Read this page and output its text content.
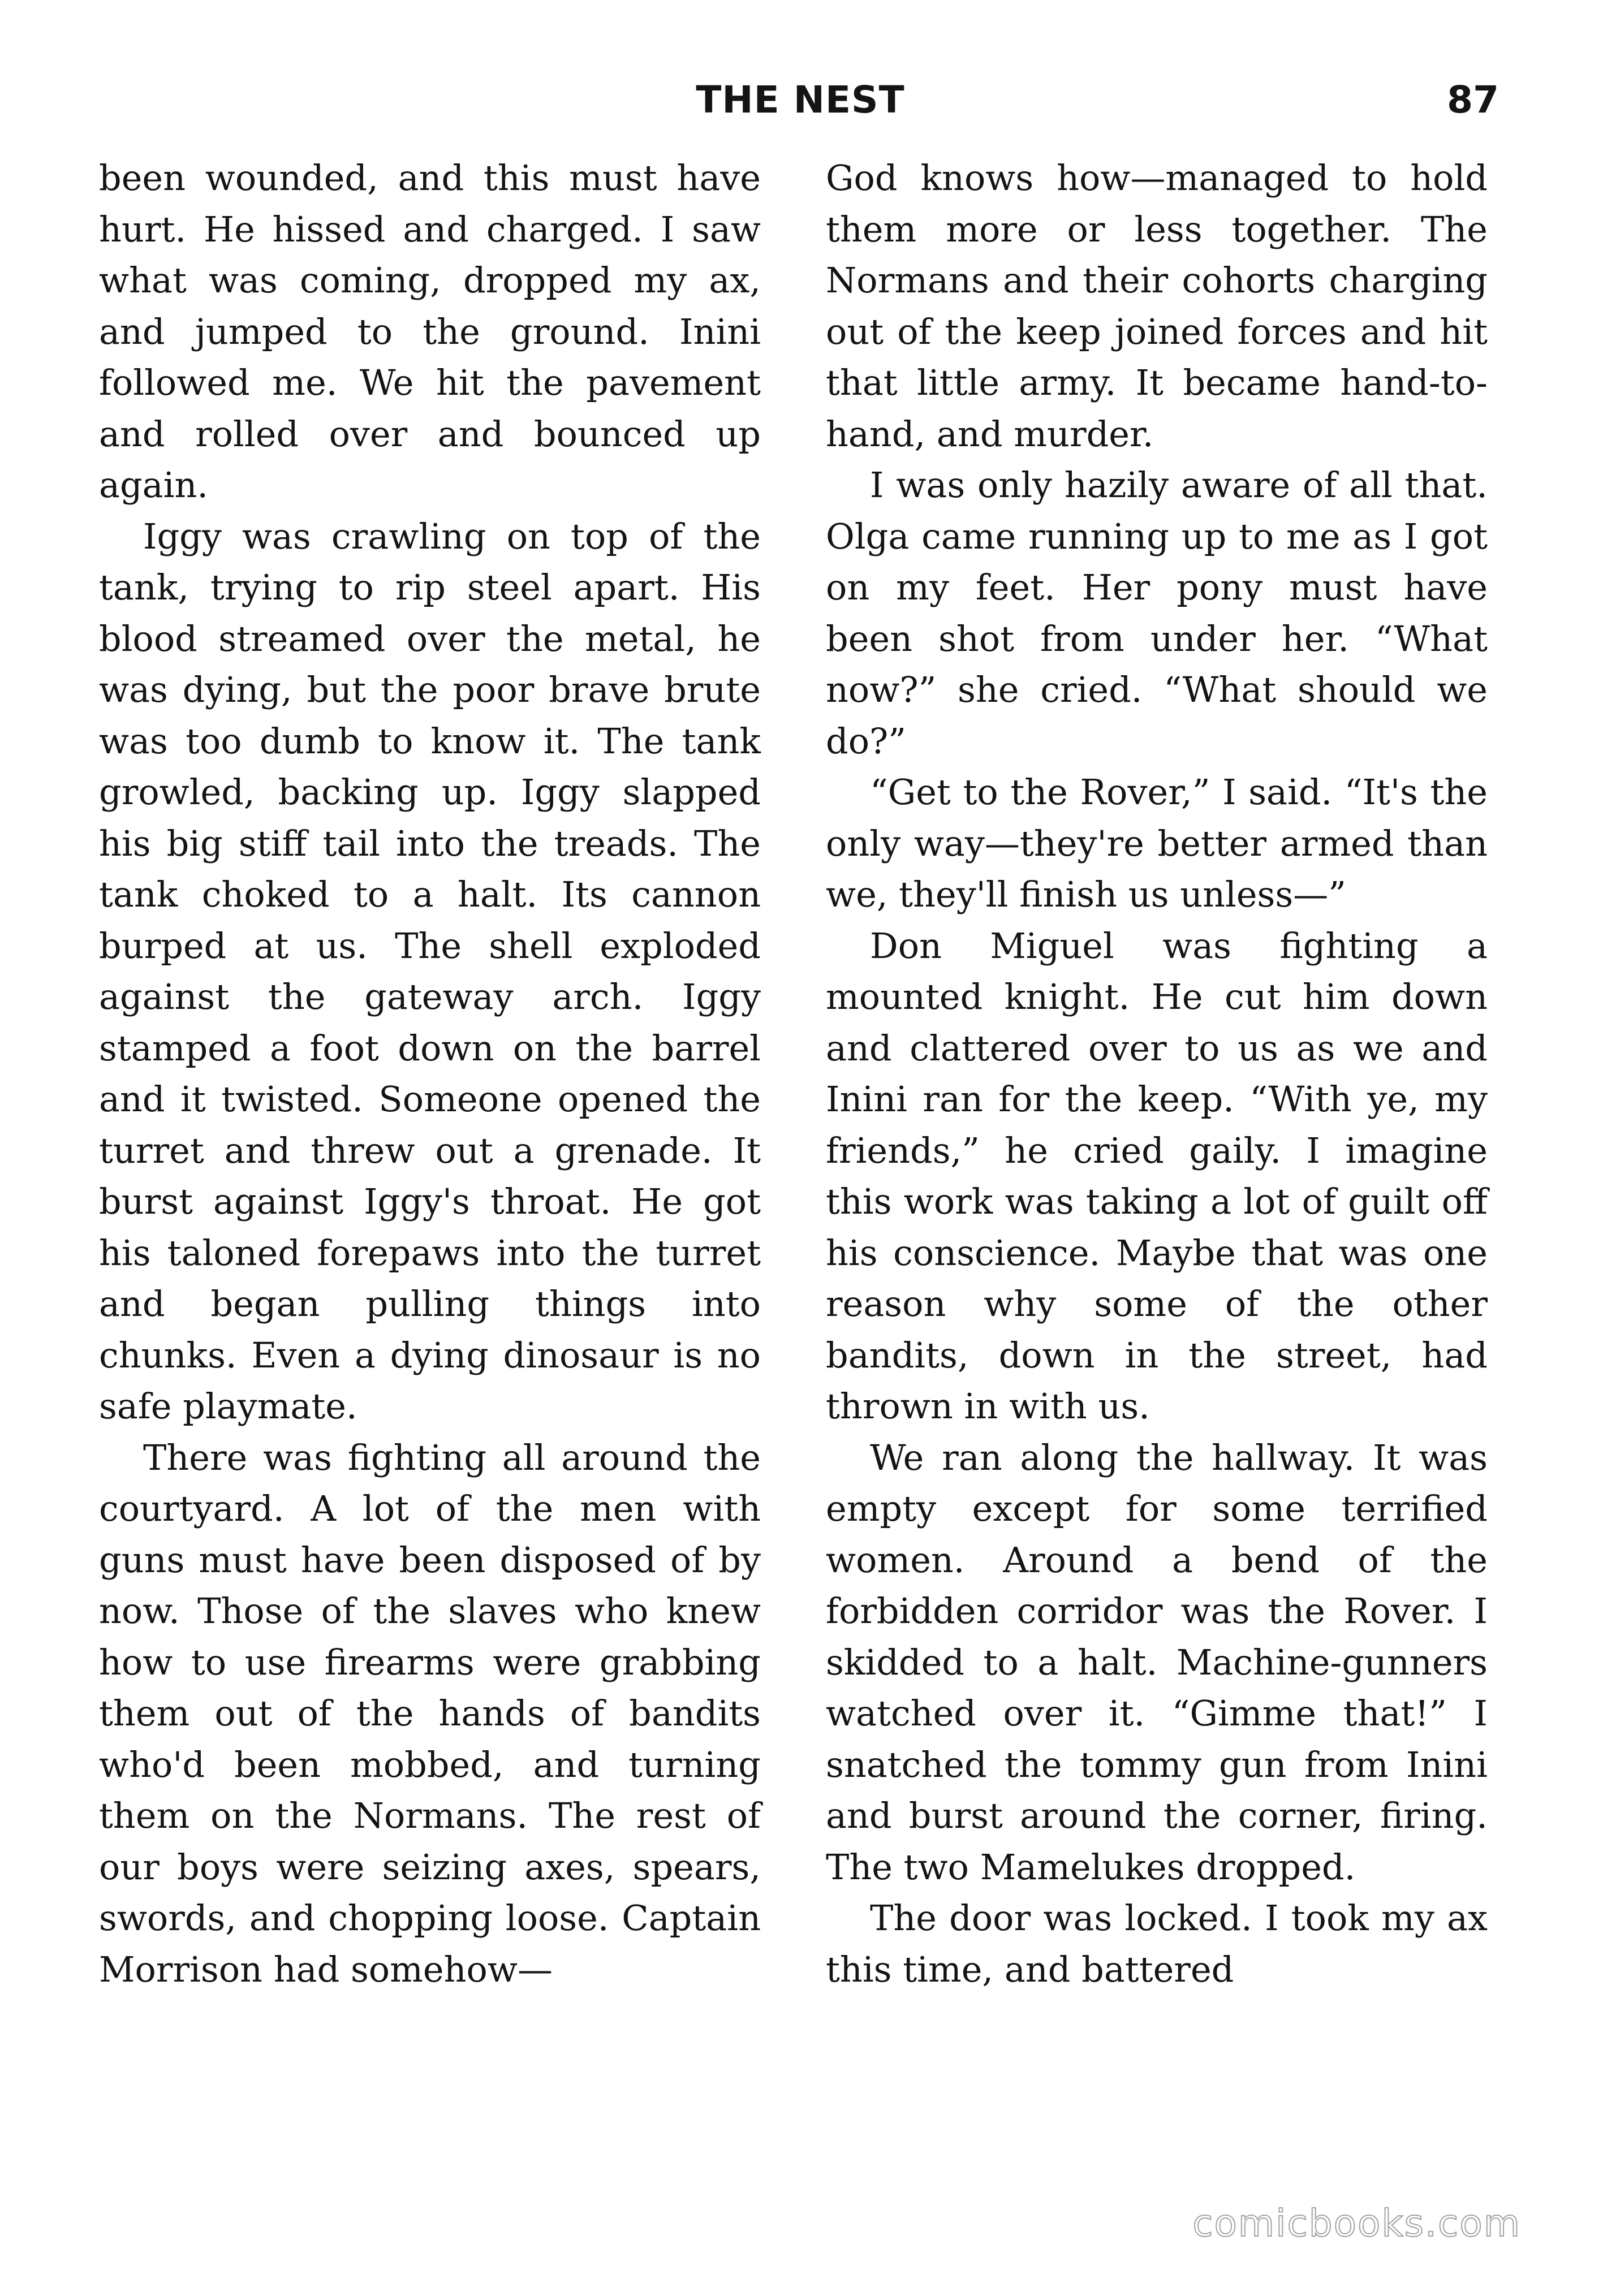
THE NEST	87

been wounded, and this must have hurt. He hissed and charged. I saw what was coming, dropped my ax, and jumped to the ground. Inini followed me. We hit the pavement and rolled over and bounced up again.

Iggy was crawling on top of the tank, trying to rip steel apart. His blood streamed over the metal, he was dying, but the poor brave brute was too dumb to know it. The tank growled, backing up. Iggy slapped his big stiff tail into the treads. The tank choked to a halt. Its cannon burped at us. The shell exploded against the gateway arch. Iggy stamped a foot down on the barrel and it twisted. Someone opened the turret and threw out a grenade. It burst against Iggy's throat. He got his taloned forepaws into the turret and began pulling things into chunks. Even a dying dinosaur is no safe playmate.

There was fighting all around the courtyard. A lot of the men with guns must have been disposed of by now. Those of the slaves who knew how to use firearms were grabbing them out of the hands of bandits who'd been mobbed, and turning them on the Normans. The rest of our boys were seizing axes, spears, swords, and chopping loose. Captain Morrison had somehow—

God knows how—managed to hold them more or less together. The Normans and their cohorts charging out of the keep joined forces and hit that little army. It became hand-to-hand, and murder.

I was only hazily aware of all that. Olga came running up to me as I got on my feet. Her pony must have been shot from under her. “What now?” she cried. “What should we do?”

“Get to the Rover,” I said. “It's the only way—they're better armed than we, they'll finish us unless—”

Don Miguel was fighting a mounted knight. He cut him down and clattered over to us as we and Inini ran for the keep. “With ye, my friends,” he cried gaily. I imagine this work was taking a lot of guilt off his conscience. Maybe that was one reason why some of the other bandits, down in the street, had thrown in with us.

We ran along the hallway. It was empty except for some terrified women. Around a bend of the forbidden corridor was the Rover. I skidded to a halt. Machine-gunners watched over it. “Gimme that!” I snatched the tommy gun from Inini and burst around the corner, firing. The two Mamelukes dropped.

The door was locked. I took my ax this time, and battered

comicbooks.com
